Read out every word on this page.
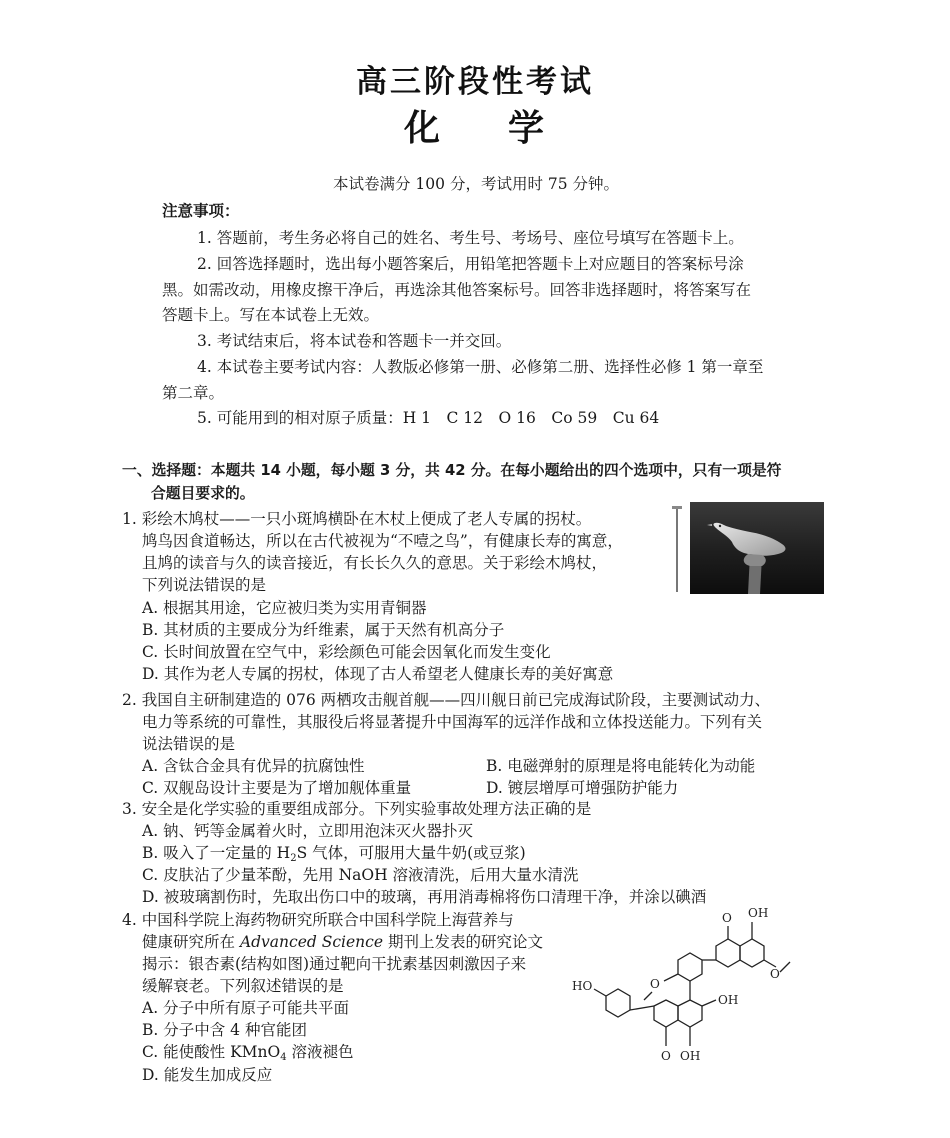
高三阶段性考试
化 学
本试卷满分 100 分，考试用时 75 分钟。
注意事项：
1. 答题前，考生务必将自己的姓名、考生号、考场号、座位号填写在答题卡上。
2. 回答选择题时，选出每小题答案后，用铅笔把答题卡上对应题目的答案标号涂
黑。如需改动，用橡皮擦干净后，再选涂其他答案标号。回答非选择题时，将答案写在
答题卡上。写在本试卷上无效。
3. 考试结束后，将本试卷和答题卡一并交回。
4. 本试卷主要考试内容：人教版必修第一册、必修第二册、选择性必修 1 第一章至
第二章。
5. 可能用到的相对原子质量：H 1　C 12　O 16　Co 59　Cu 64
一、选择题：本题共 14 小题，每小题 3 分，共 42 分。在每小题给出的四个选项中，只有一项是符
合题目要求的。
1. 彩绘木鸠杖——一只小斑鸠横卧在木杖上便成了老人专属的拐杖。
鸠鸟因食道畅达，所以在古代被视为“不噎之鸟”，有健康长寿的寓意，
且鸠的读音与久的读音接近，有长长久久的意思。关于彩绘木鸠杖，
下列说法错误的是
A. 根据其用途，它应被归类为实用青铜器
B. 其材质的主要成分为纤维素，属于天然有机高分子
C. 长时间放置在空气中，彩绘颜色可能会因氧化而发生变化
D. 其作为老人专属的拐杖，体现了古人希望老人健康长寿的美好寓意
2. 我国自主研制建造的 076 两栖攻击舰首舰——四川舰日前已完成海试阶段，主要测试动力、
电力等系统的可靠性，其服役后将显著提升中国海军的远洋作战和立体投送能力。下列有关
说法错误的是
A. 含钛合金具有优异的抗腐蚀性	B. 电磁弹射的原理是将电能转化为动能
C. 双舰岛设计主要是为了增加舰体重量	D. 镀层增厚可增强防护能力
3. 安全是化学实验的重要组成部分。下列实验事故处理方法正确的是
A. 钠、钙等金属着火时，立即用泡沫灭火器扑灭
B. 吸入了一定量的 $H_2S$ 气体，可服用大量牛奶(或豆浆)
C. 皮肤沾了少量苯酚，先用 NaOH 溶液清洗，后用大量水清洗
D. 被玻璃割伤时，先取出伤口中的玻璃，再用消毒棉将伤口清理干净，并涂以碘酒
4. 中国科学院上海药物研究所联合中国科学院上海营养与
健康研究所在 Advanced Science 期刊上发表的研究论文
揭示：银杏素(结构如图)通过靶向干扰素基因刺激因子来
缓解衰老。下列叙述错误的是
A. 分子中所有原子可能共平面
B. 分子中含 4 种官能团
C. 能使酸性 KMnO$_4$ 溶液褪色
D. 能发生加成反应
O OH
O
O
OH
OH
O
HO
